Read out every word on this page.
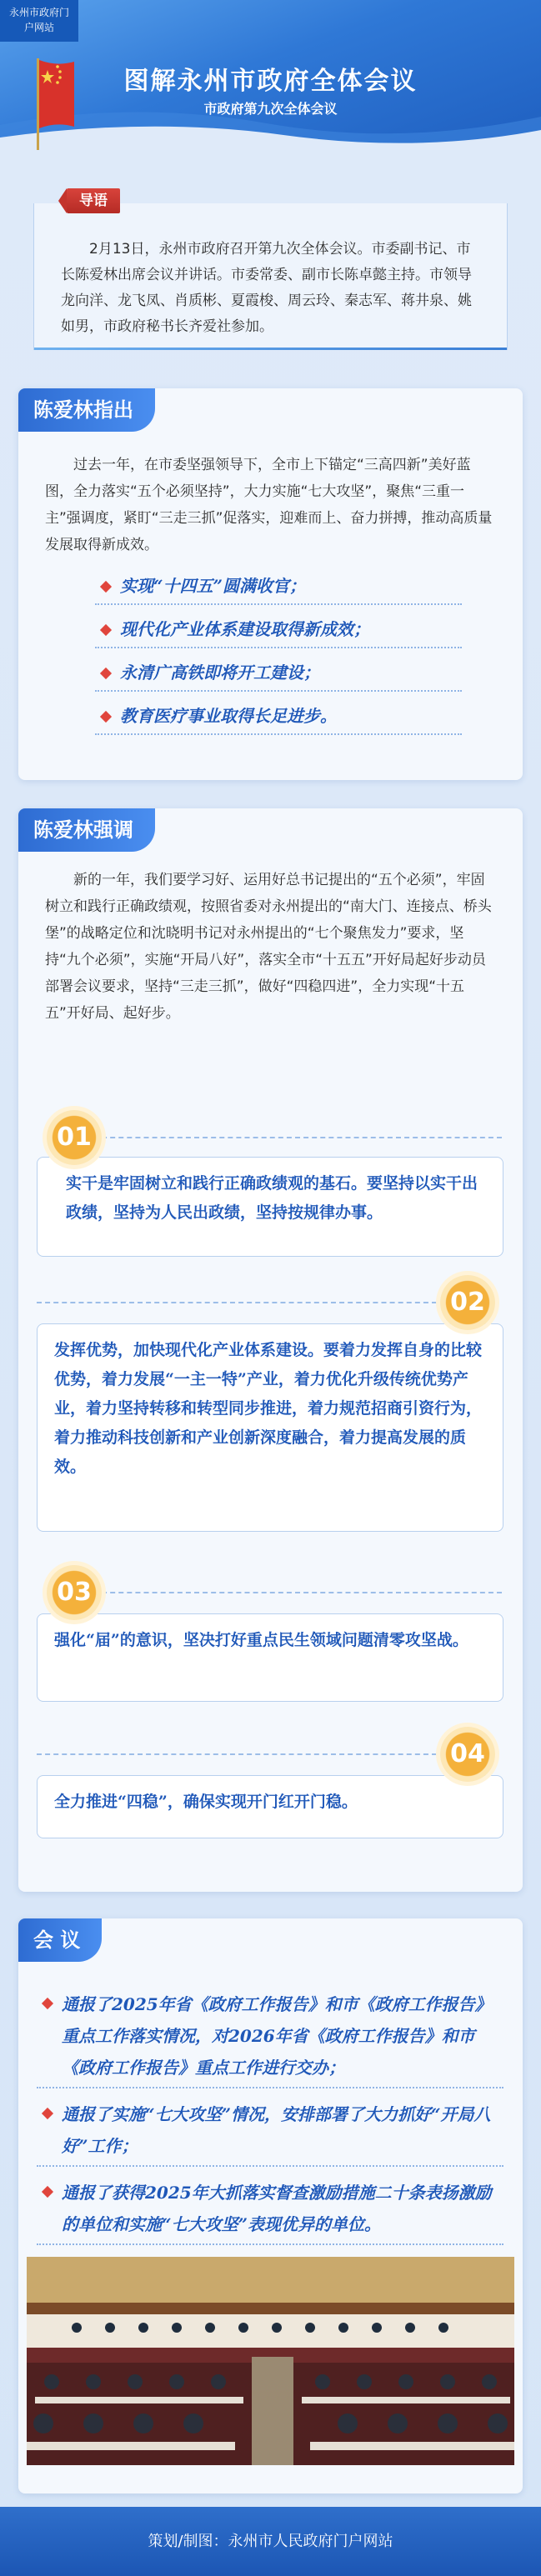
永州市政府门户网站
图解永州市政府全体会议
市政府第九次全体会议

2月13日，永州市政府召开第九次全体会议。市委副书记、市长陈爱林出席会议并讲话。市委常委、副市长陈卓懿主持。市领导龙向洋、龙飞凤、肖质彬、夏霞梭、周云玲、秦志军、蒋井泉、姚如男，市政府秘书长齐爱社参加。

导语
陈爱林指出

过去一年，在市委坚强领导下，全市上下锚定“三高四新”美好蓝图，全力落实“五个必须坚持”，大力实施“七大攻坚”，聚焦“三重一主”强调度，紧盯“三走三抓”促落实，迎难而上、奋力拼搏，推动高质量发展取得新成效。

实现“十四五”圆满收官；
现代化产业体系建设取得新成效；
永清广高铁即将开工建设；
教育医疗事业取得长足进步。
陈爱林强调

新的一年，我们要学习好、运用好总书记提出的“五个必须”，牢固树立和践行正确政绩观，按照省委对永州提出的“南大门、连接点、桥头堡”的战略定位和沈晓明书记对永州提出的“七个聚焦发力”要求，坚持“九个必须”，实施“开局八好”，落实全市“十五五”开好局起好步动员部署会议要求，坚持“三走三抓”，做好“四稳四进”，全力实现“十五五”开好局、起好步。

实干是牢固树立和践行正确政绩观的基石。要坚持以实干出政绩，坚持为人民出政绩，坚持按规律办事。
01
发挥优势，加快现代化产业体系建设。要着力发挥自身的比较优势，着力发展“一主一特”产业，着力优化升级传统优势产业，着力坚持转移和转型同步推进，着力规范招商引资行为，着力推动科技创新和产业创新深度融合，着力提高发展的质效。
02
强化“届”的意识，坚决打好重点民生领域问题清零攻坚战。
03
全力推进“四稳”，确保实现开门红开门稳。
04
会 议
通报了2025年省《政府工作报告》和市《政府工作报告》重点工作落实情况，对2026年省《政府工作报告》和市《政府工作报告》重点工作进行交办；
通报了实施“七大攻坚”情况，安排部署了大力抓好“开局八好”工作；
通报了获得2025年大抓落实督查激励措施二十条表扬激励的单位和实施“七大攻坚”表现优异的单位。
策划/制图：永州市人民政府门户网站
